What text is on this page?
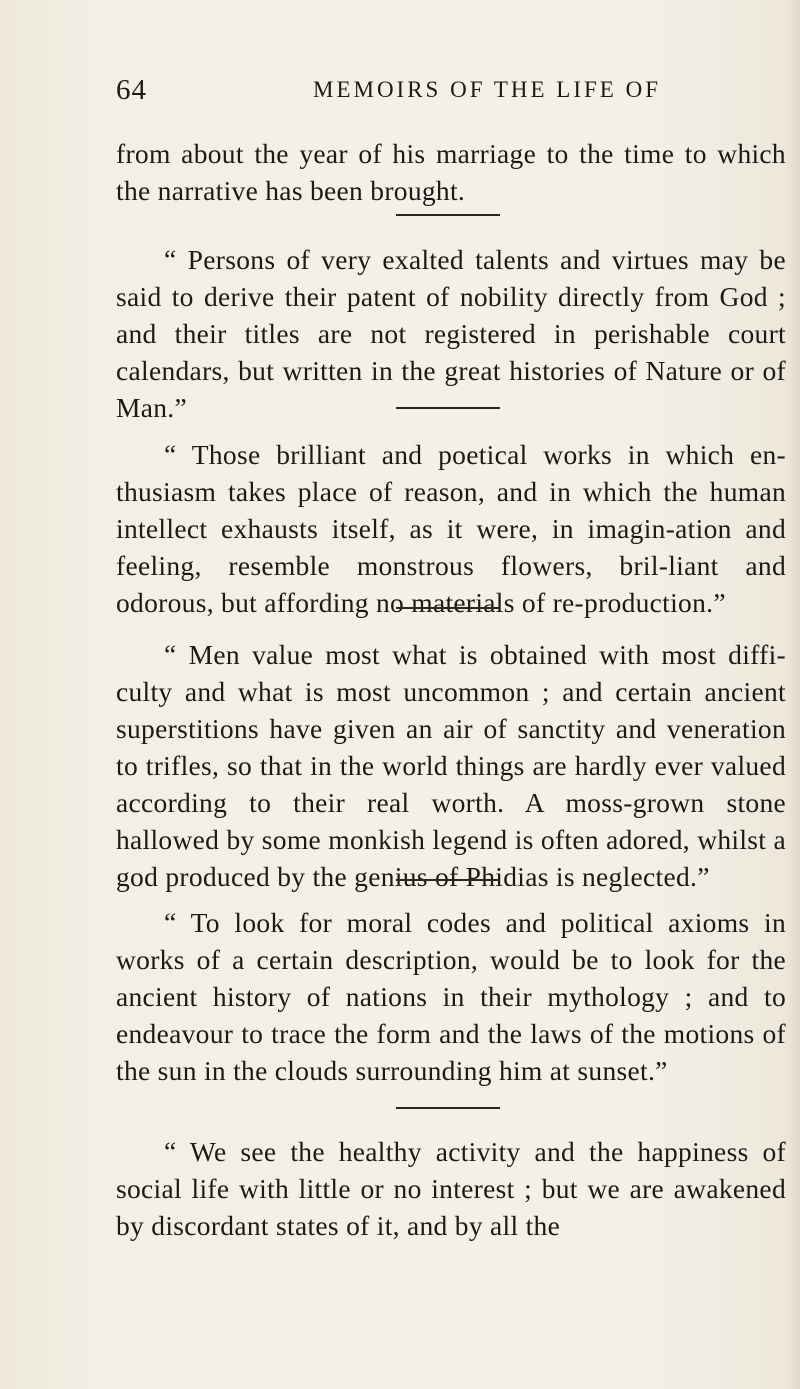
64	MEMOIRS OF THE LIFE OF

from about the year of his marriage to the time to which the narrative has been brought.

“ Persons of very exalted talents and virtues may be said to derive their patent of nobility directly from God ; and their titles are not registered in perishable court calendars, but written in the great histories of Nature or of Man.”

“ Those brilliant and poetical works in which en-thusiasm takes place of reason, and in which the human intellect exhausts itself, as it were, in imagin-ation and feeling, resemble monstrous flowers, bril-liant and odorous, but affording no materials of re-production.”

“ Men value most what is obtained with most diffi-culty and what is most uncommon ; and certain ancient superstitions have given an air of sanctity and veneration to trifles, so that in the world things are hardly ever valued according to their real worth. A moss-grown stone hallowed by some monkish legend is often adored, whilst a god produced by the genius of Phidias is neglected.”

“ To look for moral codes and political axioms in works of a certain description, would be to look for the ancient history of nations in their mythology ; and to endeavour to trace the form and the laws of the motions of the sun in the clouds surrounding him at sunset.”

“ We see the healthy activity and the happiness of social life with little or no interest ; but we are awakened by discordant states of it, and by all the
